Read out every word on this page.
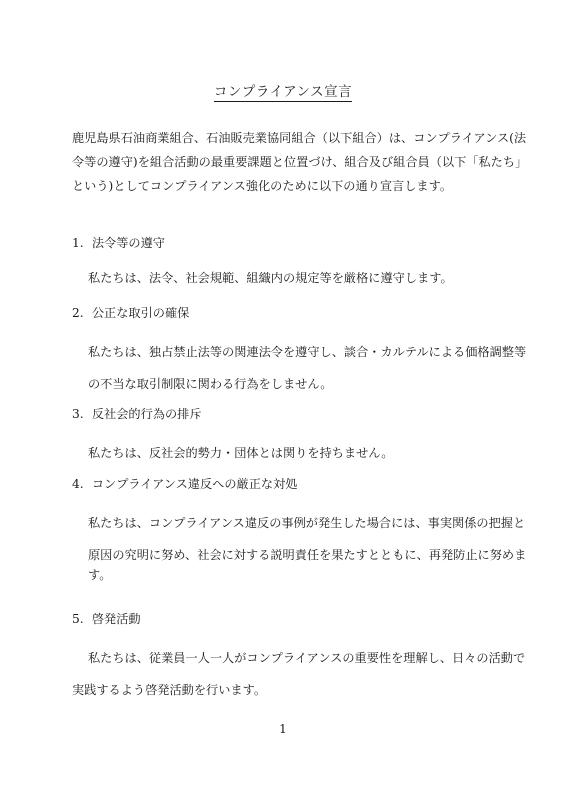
コンプライアンス宣言
鹿児島県石油商業組合、石油販売業協同組合（以下組合）は、コンプライアンス(法
令等の遵守)を組合活動の最重要課題と位置づけ、組合及び組合員（以下「私たち」
という)としてコンプライアンス強化のために以下の通り宣言します。
1. 法令等の遵守
私たちは、法令、社会規範、組織内の規定等を厳格に遵守します。
2. 公正な取引の確保
私たちは、独占禁止法等の関連法令を遵守し、談合・カルテルによる価格調整等
の不当な取引制限に関わる行為をしません。
3. 反社会的行為の排斥
私たちは、反社会的勢力・団体とは関りを持ちません。
4. コンプライアンス違反への厳正な対処
私たちは、コンプライアンス違反の事例が発生した場合には、事実関係の把握と
原因の究明に努め、社会に対する説明責任を果たすとともに、再発防止に努めま
す。
5. 啓発活動
私たちは、従業員一人一人がコンプライアンスの重要性を理解し、日々の活動で
実践するよう啓発活動を行います。
1
